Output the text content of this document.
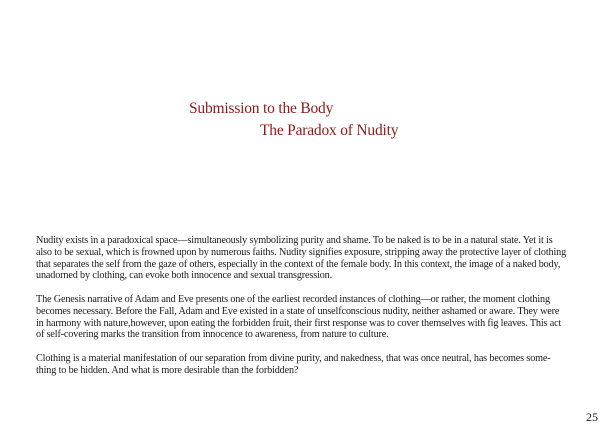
Submission to the Body
The Paradox of Nudity
Nudity exists in a paradoxical space—simultaneously symbolizing purity and shame. To be naked is to be in a natural state. Yet it is
also to be sexual, which is frowned upon by numerous faiths. Nudity signifies exposure, stripping away the protective layer of clothing
that separates the self from the gaze of others, especially in the context of the female body. In this context, the image of a naked body,
unadorned by clothing, can evoke both innocence and sexual transgression.
The Genesis narrative of Adam and Eve presents one of the earliest recorded instances of clothing—or rather, the moment clothing
becomes necessary. Before the Fall, Adam and Eve existed in a state of unselfconscious nudity, neither ashamed or aware. They were
in harmony with nature,however, upon eating the forbidden fruit, their first response was to cover themselves with fig leaves. This act
of self-covering marks the transition from innocence to awareness, from nature to culture.
Clothing is a material manifestation of our separation from divine purity, and nakedness, that was once neutral, has becomes some-
thing to be hidden. And what is more desirable than the forbidden?
25
